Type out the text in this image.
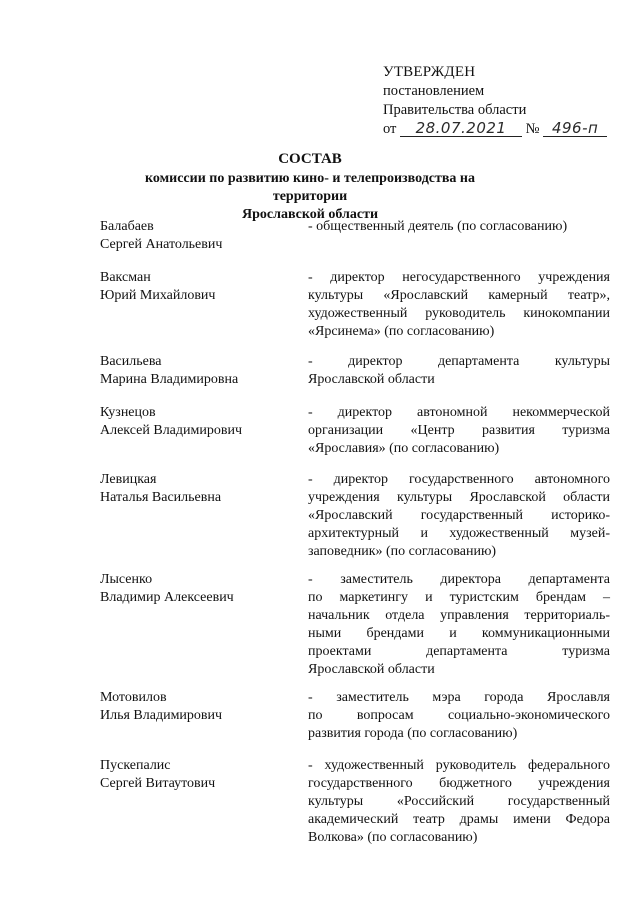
УТВЕРЖДЕН
постановлением
Правительства области
от 28.07.2021 № 496-п
СОСТАВ
комиссии по развитию кино- и телепроизводства на территории
Ярославской области
Балабаев
Сергей Анатольевич
- общественный деятель (по согласованию)
Ваксман
Юрий Михайлович
- директор негосударственного учреждения
культуры «Ярославский камерный театр»,
художественный руководитель кинокомпании
«Ярсинема» (по согласованию)
Васильева
Марина Владимировна
- директор департамента культуры
Ярославской области
Кузнецов
Алексей Владимирович
- директор автономной некоммерческой
организации «Центр развития туризма
«Ярославия» (по согласованию)
Левицкая
Наталья Васильевна
- директор государственного автономного
учреждения культуры Ярославской области
«Ярославский государственный историко-
архитектурный и художественный музей-
заповедник» (по согласованию)
Лысенко
Владимир Алексеевич
- заместитель директора департамента
по маркетингу и туристским брендам –
начальник отдела управления территориаль-
ными брендами и коммуникационными
проектами департамента туризма
Ярославской области
Мотовилов
Илья Владимирович
- заместитель мэра города Ярославля
по вопросам социально-экономического
развития города (по согласованию)
Пускепалис
Сергей Витаутович
- художественный руководитель федерального
государственного бюджетного учреждения
культуры «Российский государственный
академический театр драмы имени Федора
Волкова» (по согласованию)
